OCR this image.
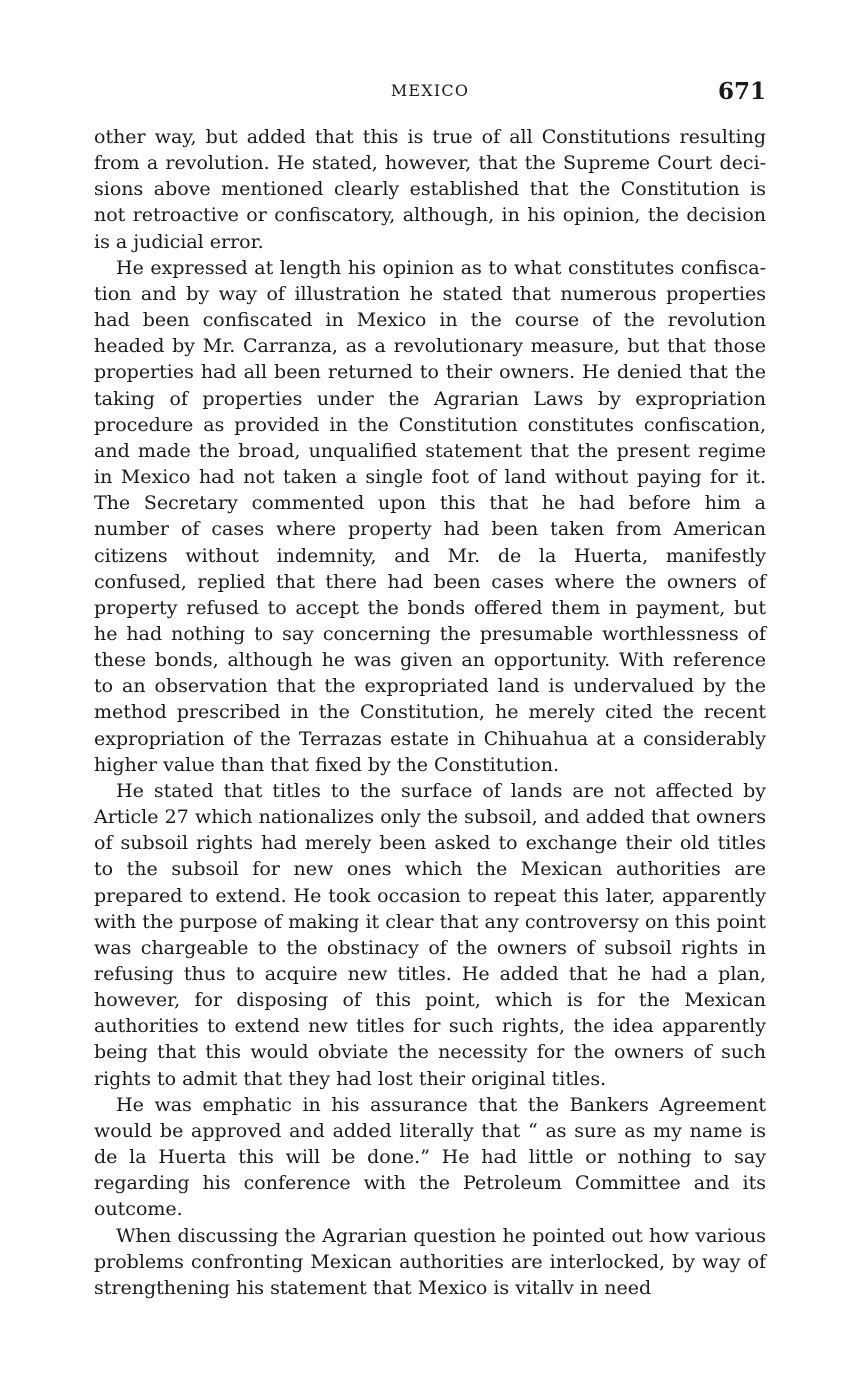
MEXICO	671

other way, but added that this is true of all Constitutions resulting from a revolution. He stated, however, that the Supreme Court decisions above mentioned clearly established that the Constitution is not retroactive or confiscatory, although, in his opinion, the decision is a judicial error.

He expressed at length his opinion as to what constitutes confiscation and by way of illustration he stated that numerous properties had been confiscated in Mexico in the course of the revolution headed by Mr. Carranza, as a revolutionary measure, but that those properties had all been returned to their owners. He denied that the taking of properties under the Agrarian Laws by expropriation procedure as provided in the Constitution constitutes confiscation, and made the broad, unqualified statement that the present regime in Mexico had not taken a single foot of land without paying for it. The Secretary commented upon this that he had before him a number of cases where property had been taken from American citizens without indemnity, and Mr. de la Huerta, manifestly confused, replied that there had been cases where the owners of property refused to accept the bonds offered them in payment, but he had nothing to say concerning the presumable worthlessness of these bonds, although he was given an opportunity. With reference to an observation that the expropriated land is undervalued by the method prescribed in the Constitution, he merely cited the recent expropriation of the Terrazas estate in Chihuahua at a considerably higher value than that fixed by the Constitution.

He stated that titles to the surface of lands are not affected by Article 27 which nationalizes only the subsoil, and added that owners of subsoil rights had merely been asked to exchange their old titles to the subsoil for new ones which the Mexican authorities are prepared to extend. He took occasion to repeat this later, apparently with the purpose of making it clear that any controversy on this point was chargeable to the obstinacy of the owners of subsoil rights in refusing thus to acquire new titles. He added that he had a plan, however, for disposing of this point, which is for the Mexican authorities to extend new titles for such rights, the idea apparently being that this would obviate the necessity for the owners of such rights to admit that they had lost their original titles.

He was emphatic in his assurance that the Bankers Agreement would be approved and added literally that “ as sure as my name is de la Huerta this will be done.” He had little or nothing to say regarding his conference with the Petroleum Committee and its outcome.

When discussing the Agrarian question he pointed out how various problems confronting Mexican authorities are interlocked, by way of strengthening his statement that Mexico is vitallv in need
